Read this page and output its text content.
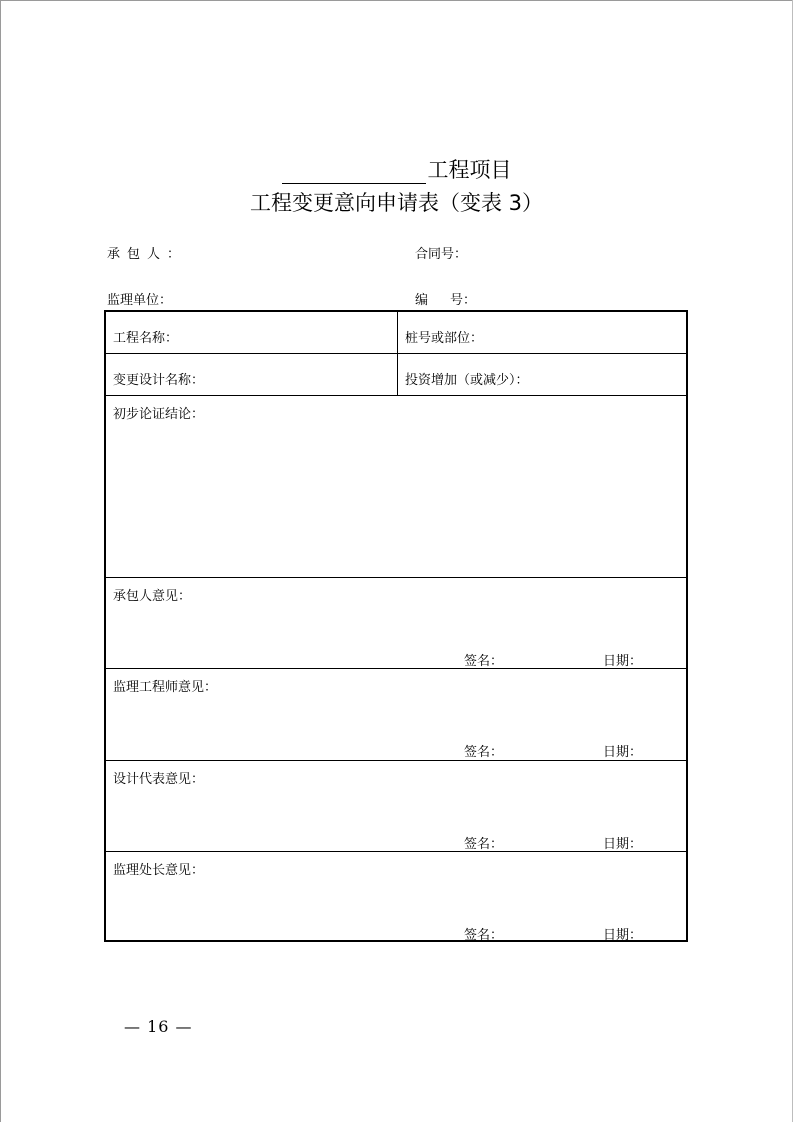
工程项目
工程变更意向申请表（变表 3）
承包人：	合同号：
监理单位：	编 号：
工程名称：	桩号或部位：
变更设计名称：	投资增加（或减少）：
初步论证结论：
承包人意见：
签名：	日期：
监理工程师意见：
签名：	日期：
设计代表意见：
签名：	日期：
监理处长意见：
签名：	日期：
— 16 —
